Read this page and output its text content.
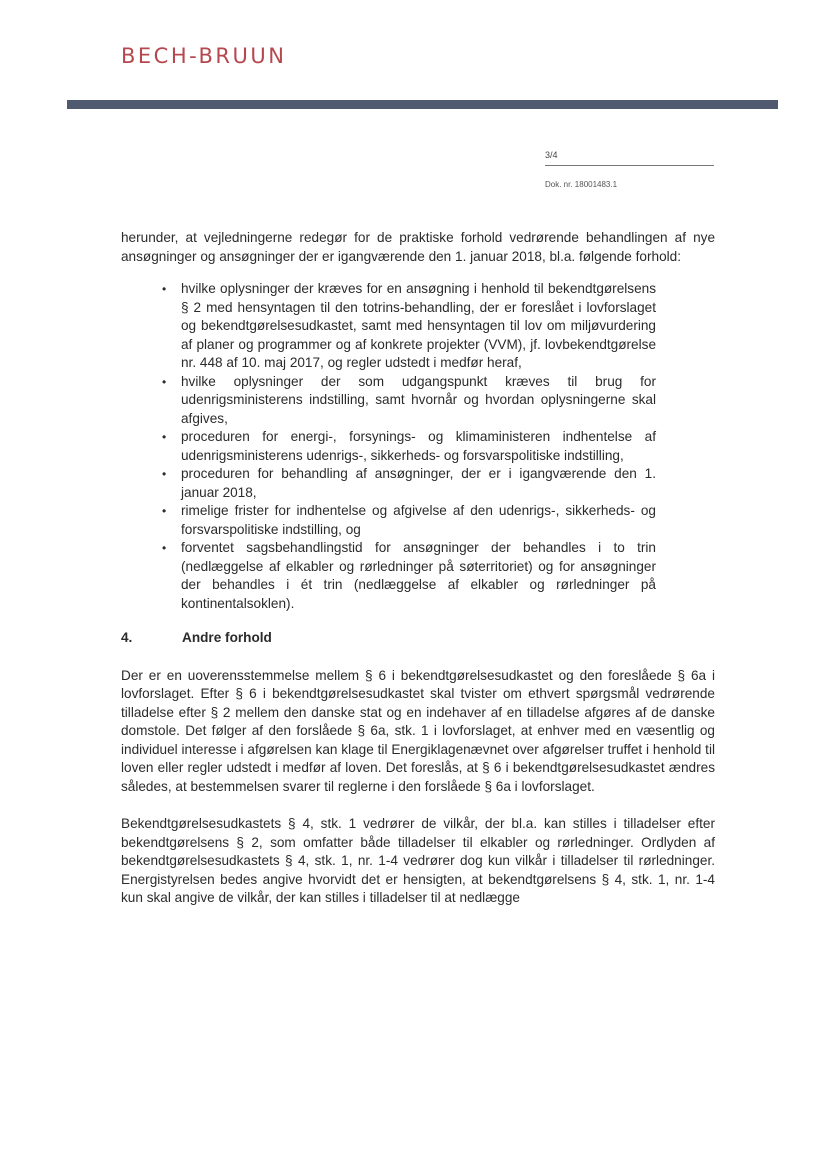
BECH-BRUUN
3/4
Dok. nr. 18001483.1

herunder, at vejledningerne redegør for de praktiske forhold vedrørende behandlingen af nye ansøgninger og ansøgninger der er igangværende den 1. januar 2018, bl.a. følgende forhold:

• hvilke oplysninger der kræves for en ansøgning i henhold til bekendtgørelsens § 2 med hensyntagen til den totrins-behandling, der er foreslået i lovforslaget og bekendtgørelsesudkastet, samt med hensyntagen til lov om miljøvurdering af planer og programmer og af konkrete projekter (VVM), jf. lovbekendtgørelse nr. 448 af 10. maj 2017, og regler udstedt i medfør heraf,
• hvilke oplysninger der som udgangspunkt kræves til brug for udenrigsministerens indstilling, samt hvornår og hvordan oplysningerne skal afgives,
• proceduren for energi-, forsynings- og klimaministeren indhentelse af udenrigsministerens udenrigs-, sikkerheds- og forsvarspolitiske indstilling,
• proceduren for behandling af ansøgninger, der er i igangværende den 1. januar 2018,
• rimelige frister for indhentelse og afgivelse af den udenrigs-, sikkerheds- og forsvarspolitiske indstilling, og
• forventet sagsbehandlingstid for ansøgninger der behandles i to trin (nedlæggelse af elkabler og rørledninger på søterritoriet) og for ansøgninger der behandles i ét trin (nedlæggelse af elkabler og rørledninger på kontinentalsoklen).
4.	Andre forhold

Der er en uoverensstemmelse mellem § 6 i bekendtgørelsesudkastet og den foreslåede § 6a i lovforslaget. Efter § 6 i bekendtgørelsesudkastet skal tvister om ethvert spørgsmål vedrørende tilladelse efter § 2 mellem den danske stat og en indehaver af en tilladelse afgøres af de danske domstole. Det følger af den forslåede § 6a, stk. 1 i lovforslaget, at enhver med en væsentlig og individuel interesse i afgørelsen kan klage til Energiklagenævnet over afgørelser truffet i henhold til loven eller regler udstedt i medfør af loven. Det foreslås, at § 6 i bekendtgørelsesudkastet ændres således, at bestemmelsen svarer til reglerne i den forslåede § 6a i lovforslaget.

Bekendtgørelsesudkastets § 4, stk. 1 vedrører de vilkår, der bl.a. kan stilles i tilladelser efter bekendtgørelsens § 2, som omfatter både tilladelser til elkabler og rørledninger. Ordlyden af bekendtgørelsesudkastets § 4, stk. 1, nr. 1-4 vedrører dog kun vilkår i tilladelser til rørledninger. Energistyrelsen bedes angive hvorvidt det er hensigten, at bekendtgørelsens § 4, stk. 1, nr. 1-4 kun skal angive de vilkår, der kan stilles i tilladelser til at nedlægge
